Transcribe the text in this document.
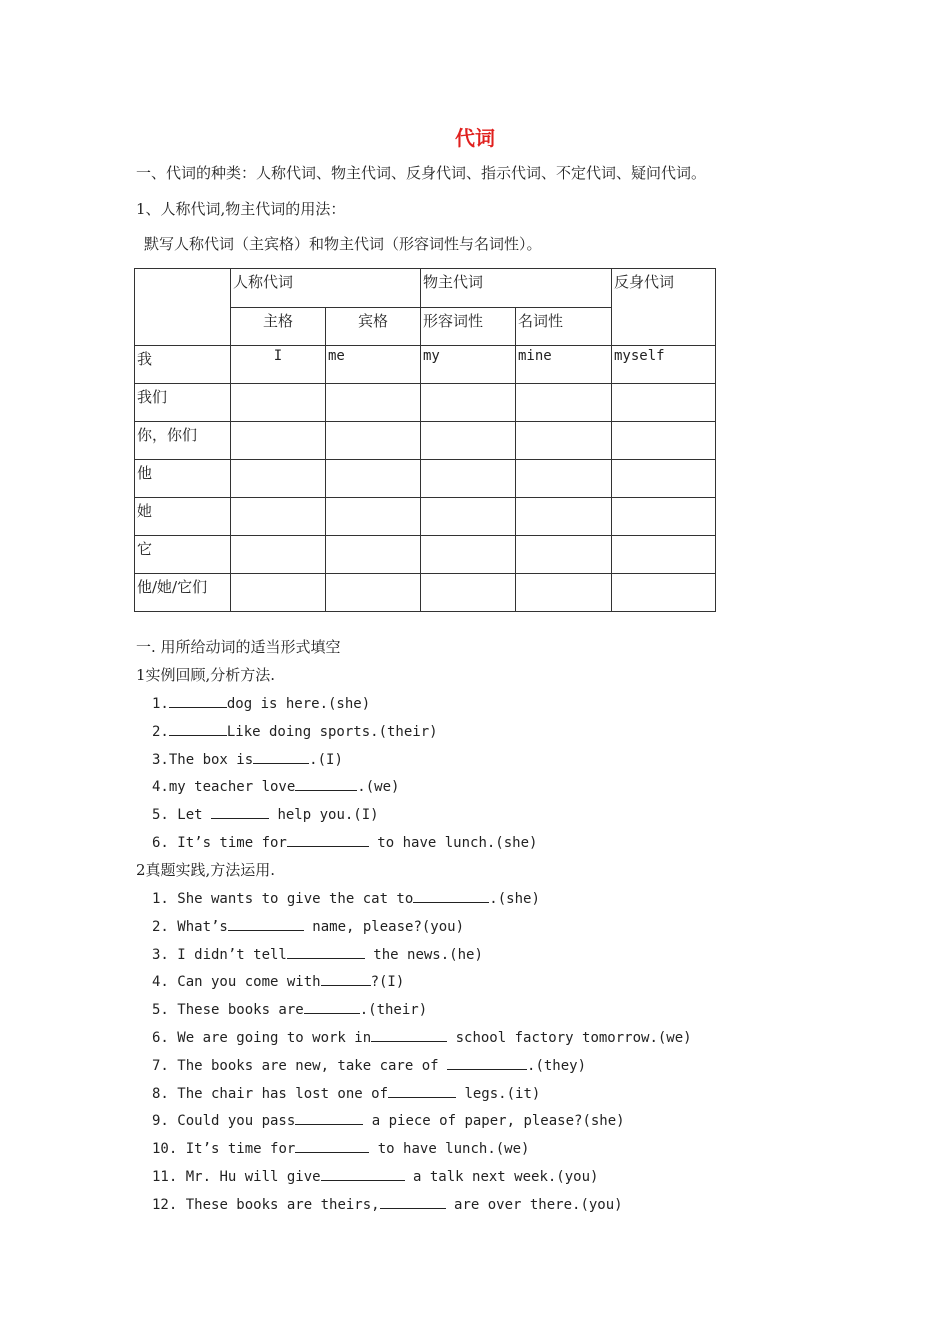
代词
一、代词的种类：人称代词、物主代词、反身代词、指示代词、不定代词、疑问代词。
1、人称代词,物主代词的用法：
默写人称代词（主宾格）和物主代词（形容词性与名词性）。
	人称代词		物主代词		反身代词
	主格	宾格	形容词性	名词性	
我	I	me	my	mine	myself
我们					
你，你们					
他					
她					
它					
他/她/它们					
一. 用所给动词的适当形式填空
1实例回顾,分析方法.
1.	dog is here.(she)
2.	Like doing sports.(their)
3.The box is	.(I)
4.my teacher love	.(we)
5. Let	help you.(I)
6. It’s time for	to have lunch.(she)
2真题实践,方法运用.
1. She wants to give the cat to	.(she)
2. What’s	name, please?(you)
3. I didn’t tell	the news.(he)
4. Can you come with	?(I)
5. These books are	.(their)
6. We are going to work in	school factory tomorrow.(we)
7. The books are new, take care of	.(they)
8. The chair has lost one of	legs.(it)
9. Could you pass	a piece of paper, please?(she)
10. It’s time for	to have lunch.(we)
11. Mr. Hu will give	a talk next week.(you)
12. These books are theirs,	are over there.(you)
